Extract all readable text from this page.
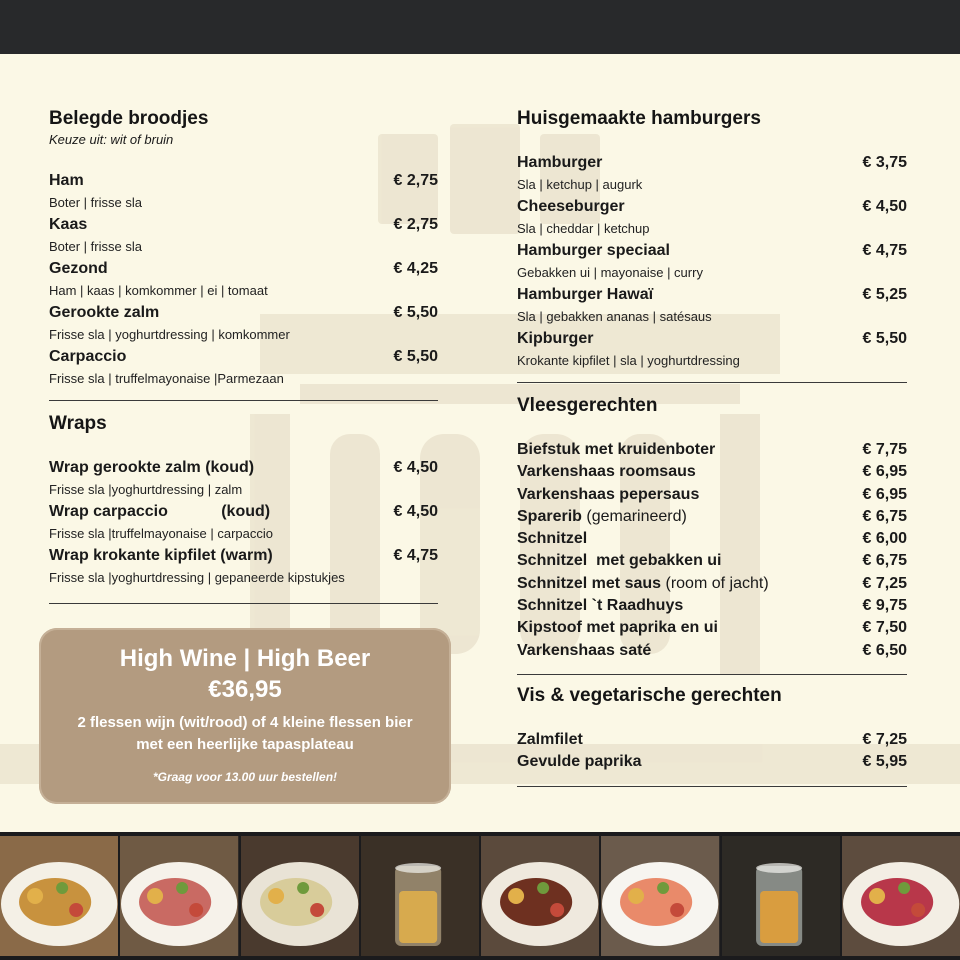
Belegde broodjes
Keuze uit: wit of bruin
Ham	€ 2,75
Boter | frisse sla
Kaas	€ 2,75
Boter | frisse sla
Gezond	€ 4,25
Ham | kaas | komkommer | ei | tomaat
Gerookte zalm	€ 5,50
Frisse sla | yoghurtdressing | komkommer
Carpaccio	€ 5,50
Frisse sla | truffelmayonaise |Parmezaan
Wraps
Wrap gerookte zalm (koud)	€ 4,50
Frisse sla |yoghurtdressing | zalm
Wrap carpaccio            (koud)	€ 4,50
Frisse sla |truffelmayonaise | carpaccio
Wrap krokante kipfilet (warm)	€ 4,75
Frisse sla |yoghurtdressing | gepaneerde kipstukjes
High Wine | High Beer
€36,95
2 flessen wijn (wit/rood) of 4 kleine flessen bier
met een heerlijke tapasplateau
*Graag voor 13.00 uur bestellen!
Huisgemaakte hamburgers
Hamburger	€ 3,75
Sla | ketchup | augurk
Cheeseburger	€ 4,50
Sla | cheddar | ketchup
Hamburger speciaal	€ 4,75
Gebakken ui | mayonaise | curry
Hamburger Hawaï	€ 5,25
Sla | gebakken ananas | satésaus
Kipburger	€ 5,50
Krokante kipfilet | sla | yoghurtdressing
Vleesgerechten
Biefstuk met kruidenboter	€ 7,75
Varkenshaas roomsaus	€ 6,95
Varkenshaas pepersaus	€ 6,95
Sparerib (gemarineerd)	€ 6,75
Schnitzel	€ 6,00
Schnitzel  met gebakken ui	€ 6,75
Schnitzel met saus (room of jacht)	€ 7,25
Schnitzel `t Raadhuys	€ 9,75
Kipstoof met paprika en ui	€ 7,50
Varkenshaas saté	€ 6,50
Vis & vegetarische gerechten
Zalmfilet	€ 7,25
Gevulde paprika	€ 5,95
